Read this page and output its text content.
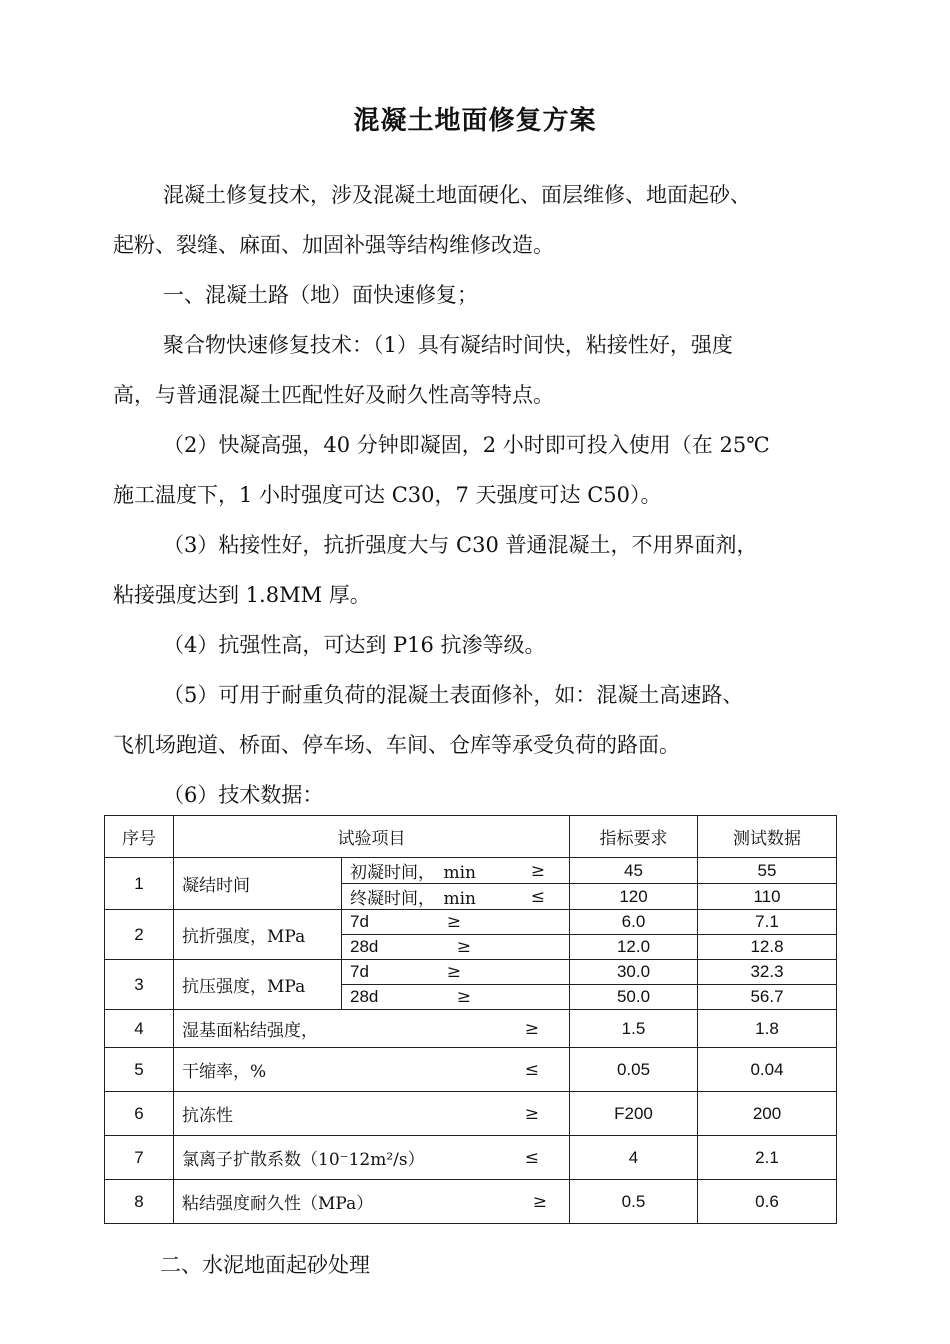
混凝土地面修复方案
混凝土修复技术，涉及混凝土地面硬化、面层维修、地面起砂、
起粉、裂缝、麻面、加固补强等结构维修改造。
一、混凝土路（地）面快速修复；
聚合物快速修复技术：（1）具有凝结时间快，粘接性好，强度
高，与普通混凝土匹配性好及耐久性高等特点。
（2）快凝高强，40 分钟即凝固，2 小时即可投入使用（在 25℃
施工温度下，1 小时强度可达 C30，7 天强度可达 C50）。
（3）粘接性好，抗折强度大与 C30 普通混凝土，不用界面剂，
粘接强度达到 1.8MM 厚。
（4）抗强性高，可达到 P16 抗渗等级。
（5）可用于耐重负荷的混凝土表面修补，如：混凝土高速路、
飞机场跑道、桥面、停车场、车间、仓库等承受负荷的路面。
（6）技术数据：
序号	试验项目		指标要求	测试数据
1	凝结时间	初凝时间，　min ≥	45	55

		终凝时间，　min ≤	120	110
2	抗折强度，MPa	7d ≥	6.0	7.1

		28d ≥	12.0	12.8
3	抗压强度，MPa	7d ≥	30.0	32.3

		28d ≥	50.0	56.7
4	湿基面粘结强度， ≥		1.5	1.8
5	干缩率，% ≤		0.05	0.04
6	抗冻性 ≥		F200	200
7	氯离子扩散系数（10⁻12m²/s） ≤		4	2.1
8	粘结强度耐久性（MPa） ≥		0.5	0.6
二、水泥地面起砂处理
